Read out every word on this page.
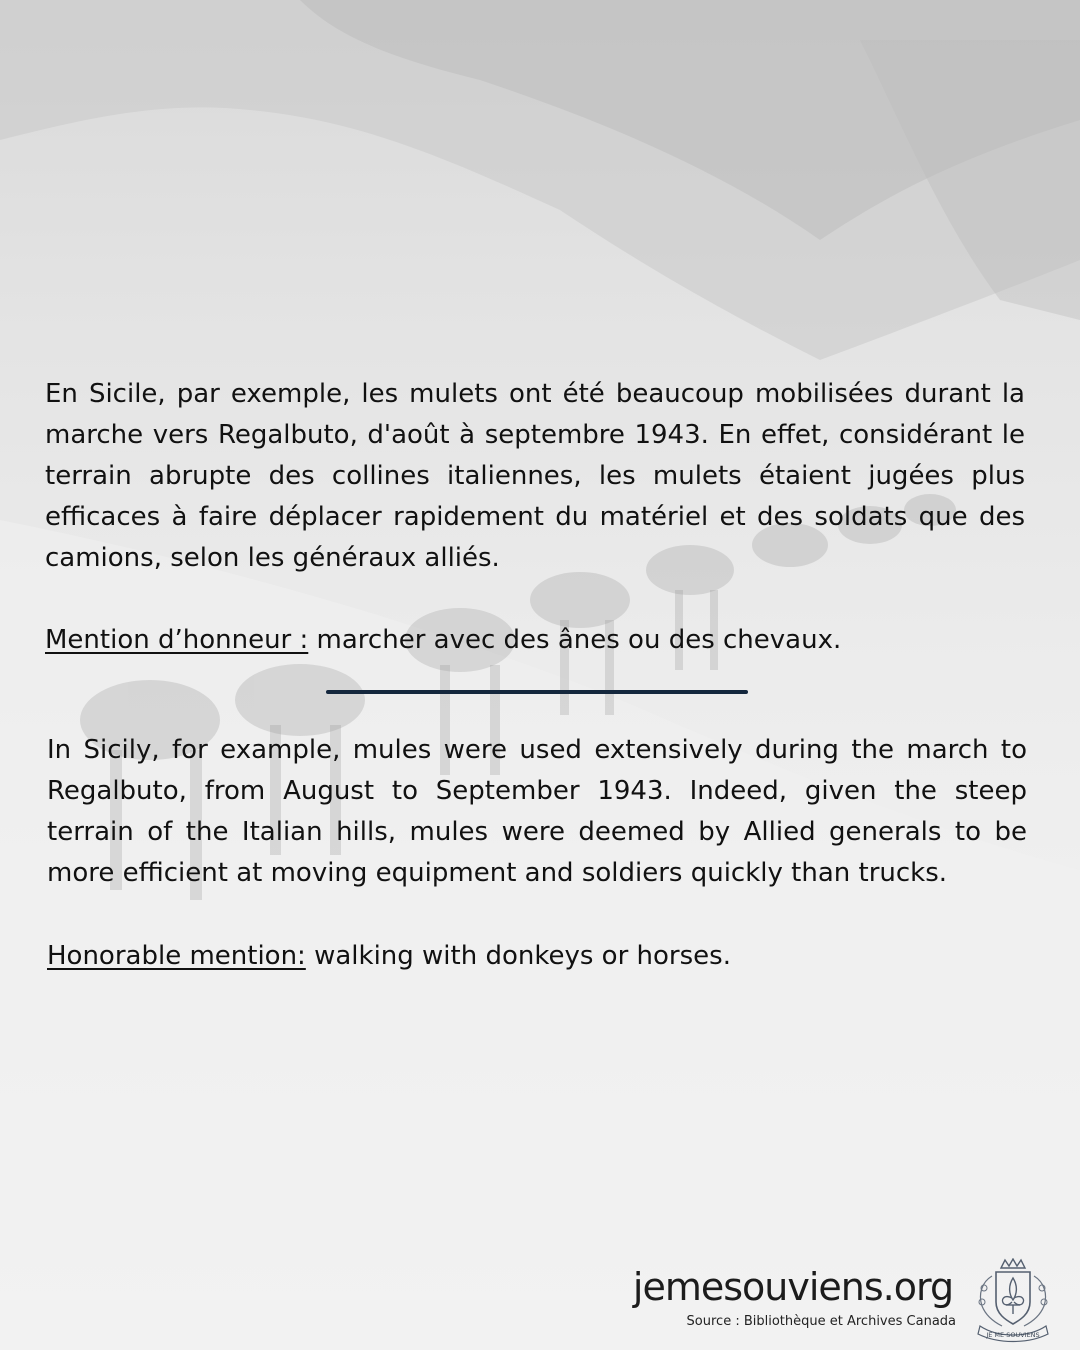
En Sicile, par exemple, les mulets ont été beaucoup mobilisées durant la marche vers Regalbuto, d'août à septembre 1943. En effet, considérant le terrain abrupte des collines italiennes, les mulets étaient jugées plus efficaces à faire déplacer rapidement du matériel et des soldats que des camions, selon les généraux alliés.

Mention d’honneur : marcher avec des ânes ou des chevaux.

In Sicily, for example, mules were used extensively during the march to Regalbuto, from August to September 1943. Indeed, given the steep terrain of the Italian hills, mules were deemed by Allied generals to be more efficient at moving equipment and soldiers quickly than trucks.

Honorable mention: walking with donkeys or horses.

jemesouviens.org
Source : Bibliothèque et Archives Canada
JE ME SOUVIENS
